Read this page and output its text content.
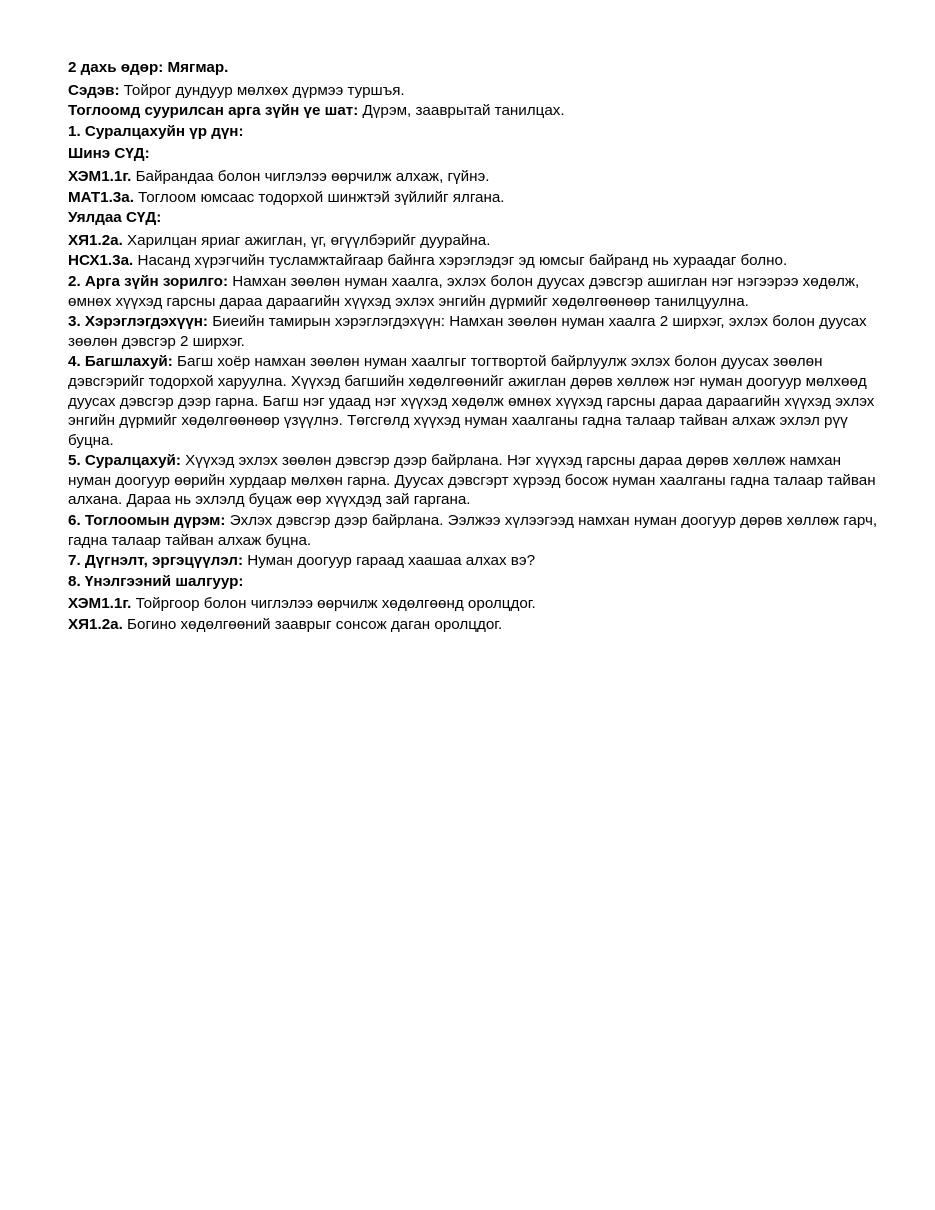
2 дахь өдөр: Мягмар.

Сэдэв: Тойрог дундуур мөлхөх дүрмээ туршъя.

Тоглоомд суурилсан арга зүйн үе шат: Дүрэм, зааврытай танилцах.

1. Суралцахуйн үр дүн:

Шинэ СҮД:

ХЭМ1.1г. Байрандаа болон чиглэлээ өөрчилж алхаж, гүйнэ.

МАТ1.3а. Тоглоом юмсаас тодорхой шинжтэй зүйлийг ялгана.

Уялдаа СҮД:

ХЯ1.2а. Харилцан яриаг ажиглан, үг, өгүүлбэрийг дуурайна.

НСХ1.3а. Насанд хүрэгчийн тусламжтайгаар байнга хэрэглэдэг эд юмсыг байранд нь хураадаг болно.

2. Арга зүйн зорилго: Намхан зөөлөн нуман хаалга, эхлэх болон дуусах дэвсгэр ашиглан нэг нэгээрээ хөдөлж, өмнөх хүүхэд гарсны дараа дараагийн хүүхэд эхлэх энгийн дүрмийг хөдөлгөөнөөр танилцуулна.

3. Хэрэглэгдэхүүн: Биеийн тамирын хэрэглэгдэхүүн: Намхан зөөлөн нуман хаалга 2 ширхэг, эхлэх болон дуусах зөөлөн дэвсгэр 2 ширхэг.

4. Багшлахуй: Багш хоёр намхан зөөлөн нуман хаалгыг тогтвортой байрлуулж эхлэх болон дуусах зөөлөн дэвсгэрийг тодорхой харуулна. Хүүхэд багшийн хөдөлгөөнийг ажиглан дөрөв хөллөж нэг нуман доогуур мөлхөөд дуусах дэвсгэр дээр гарна. Багш нэг удаад нэг хүүхэд хөдөлж өмнөх хүүхэд гарсны дараа дараагийн хүүхэд эхлэх энгийн дүрмийг хөдөлгөөнөөр үзүүлнэ. Төгсгөлд хүүхэд нуман хаалганы гадна талаар тайван алхаж эхлэл рүү буцна.

5. Суралцахуй: Хүүхэд эхлэх зөөлөн дэвсгэр дээр байрлана. Нэг хүүхэд гарсны дараа дөрөв хөллөж намхан нуман доогуур өөрийн хурдаар мөлхөн гарна. Дуусах дэвсгэрт хүрээд босож нуман хаалганы гадна талаар тайван алхана. Дараа нь эхлэлд буцаж өөр хүүхдэд зай гаргана.

6. Тоглоомын дүрэм: Эхлэх дэвсгэр дээр байрлана. Ээлжээ хүлээгээд намхан нуман доогуур дөрөв хөллөж гарч, гадна талаар тайван алхаж буцна.

7. Дүгнэлт, эргэцүүлэл: Нуман доогуур гараад хаашаа алхах вэ?

8. Үнэлгээний шалгуур:

ХЭМ1.1г. Тойргоор болон чиглэлээ өөрчилж хөдөлгөөнд оролцдог.

ХЯ1.2а. Богино хөдөлгөөний зааврыг сонсож даган оролцдог.
